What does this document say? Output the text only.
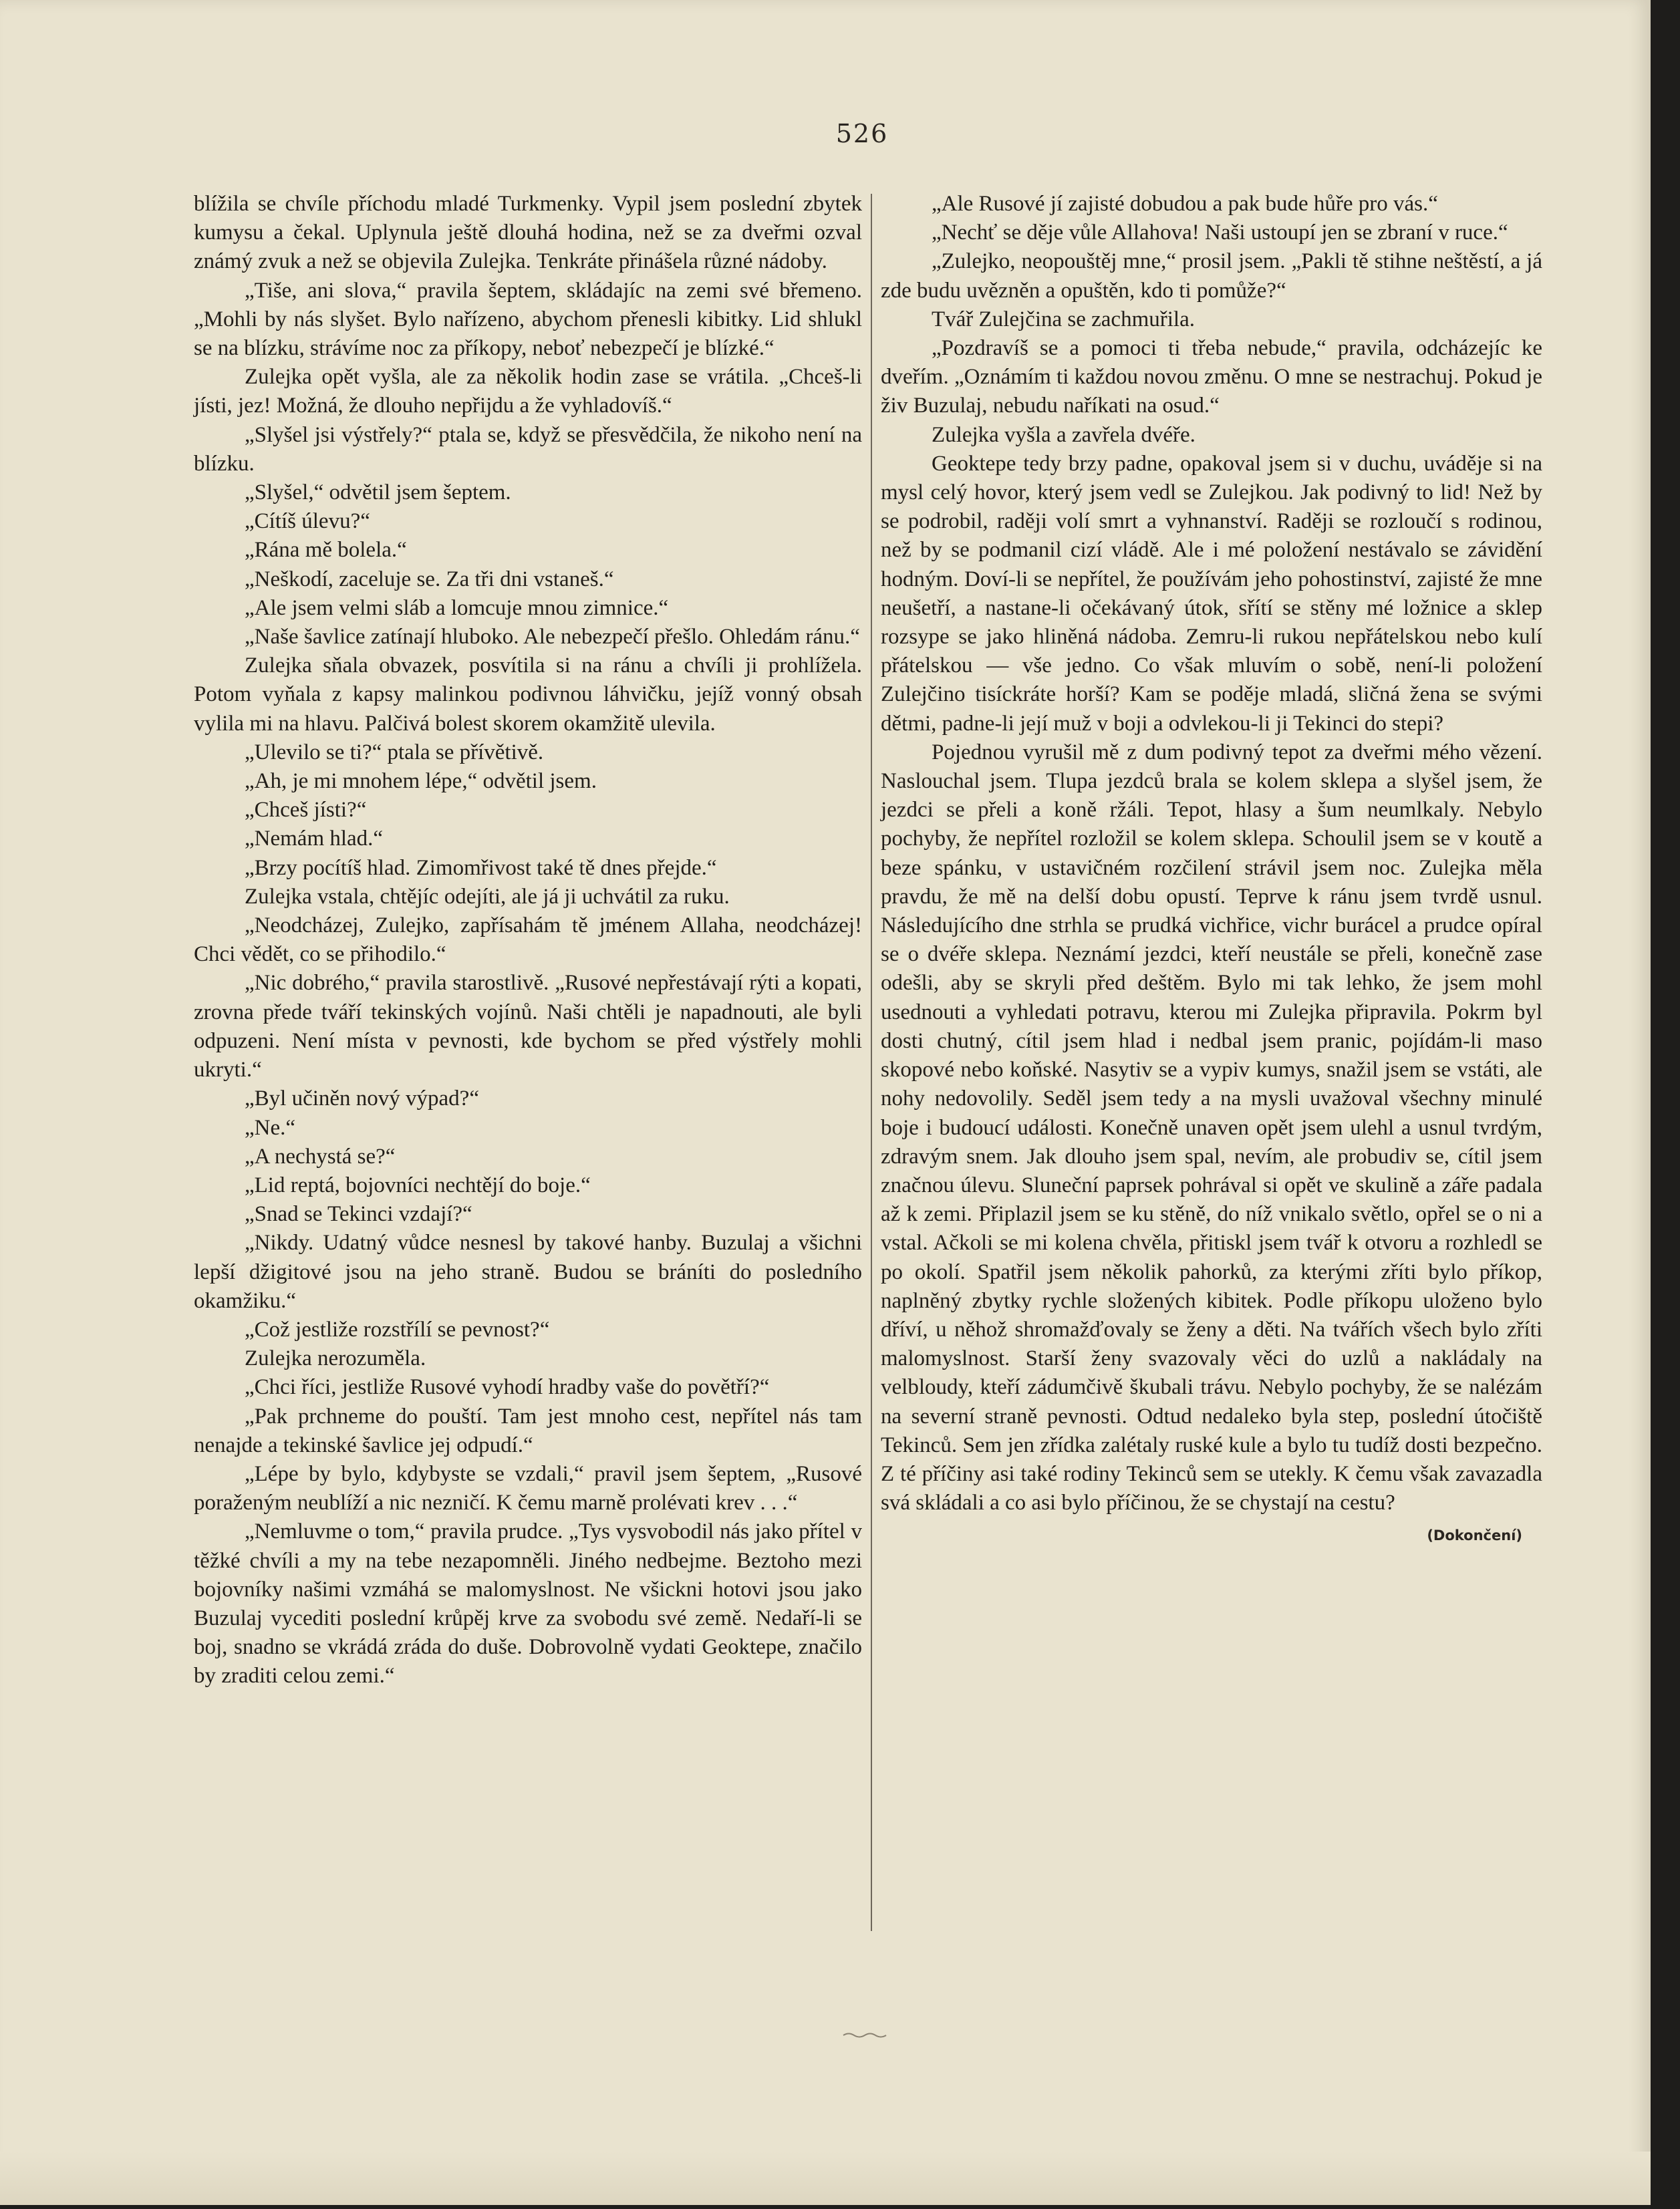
526

blížila se chvíle příchodu mladé Turkmenky. Vypil jsem poslední zbytek kumysu a čekal. Uplynula ještě dlouhá hodina, než se za dveřmi ozval známý zvuk a než se objevila Zulejka. Tenkráte přinášela různé nádoby.

„Tiše, ani slova,“ pravila šeptem, skládajíc na zemi své břemeno. „Mohli by nás slyšet. Bylo nařízeno, abychom přenesli kibitky. Lid shlukl se na blízku, strávíme noc za příkopy, neboť nebezpečí je blízké.“

Zulejka opět vyšla, ale za několik hodin zase se vrátila. „Chceš-li jísti, jez! Možná, že dlouho nepřijdu a že vyhladovíš.“

„Slyšel jsi výstřely?“ ptala se, když se přesvědčila, že nikoho není na blízku.

„Slyšel,“ odvětil jsem šeptem.

„Cítíš úlevu?“

„Rána mě bolela.“

„Neškodí, zaceluje se. Za tři dni vstaneš.“

„Ale jsem velmi sláb a lomcuje mnou zimnice.“

„Naše šavlice zatínají hluboko. Ale nebezpečí přešlo. Ohledám ránu.“

Zulejka sňala obvazek, posvítila si na ránu a chvíli ji prohlížela. Potom vyňala z kapsy malinkou podivnou láhvičku, jejíž vonný obsah vylila mi na hlavu. Palčivá bolest skorem okamžitě ulevila.

„Ulevilo se ti?“ ptala se přívětivě.

„Ah, je mi mnohem lépe,“ odvětil jsem.

„Chceš jísti?“

„Nemám hlad.“

„Brzy pocítíš hlad. Zimomřivost také tě dnes přejde.“

Zulejka vstala, chtějíc odejíti, ale já ji uchvátil za ruku.

„Neodcházej, Zulejko, zapřísahám tě jménem Allaha, neodcházej! Chci vědět, co se přihodilo.“

„Nic dobrého,“ pravila starostlivě. „Rusové nepřestávají rýti a kopati, zrovna přede tváří tekinských vojínů. Naši chtěli je napadnouti, ale byli odpuzeni. Není místa v pevnosti, kde bychom se před výstřely mohli ukryti.“

„Byl učiněn nový výpad?“

„Ne.“

„A nechystá se?“

„Lid reptá, bojovníci nechtějí do boje.“

„Snad se Tekinci vzdají?“

„Nikdy. Udatný vůdce nesnesl by takové hanby. Buzulaj a všichni lepší džigitové jsou na jeho straně. Budou se bráníti do posledního okamžiku.“

„Což jestliže rozstřílí se pevnost?“

Zulejka nerozuměla.

„Chci říci, jestliže Rusové vyhodí hradby vaše do povětří?“

„Pak prchneme do pouští. Tam jest mnoho cest, nepřítel nás tam nenajde a tekinské šavlice jej odpudí.“

„Lépe by bylo, kdybyste se vzdali,“ pravil jsem šeptem, „Rusové poraženým neublíží a nic nezničí. K čemu marně prolévati krev . . .“

„Nemluvme o tom,“ pravila prudce. „Tys vysvobodil nás jako přítel v těžké chvíli a my na tebe nezapomněli. Jiného nedbejme. Beztoho mezi bojovníky našimi vzmáhá se malomyslnost. Ne všickni hotovi jsou jako Buzulaj vycediti poslední krůpěj krve za svobodu své země. Nedaří-li se boj, snadno se vkrádá zráda do duše. Dobrovolně vydati Geoktepe, značilo by zraditi celou zemi.“

„Ale Rusové jí zajisté dobudou a pak bude hůře pro vás.“

„Nechť se děje vůle Allahova! Naši ustoupí jen se zbraní v ruce.“

„Zulejko, neopouštěj mne,“ prosil jsem. „Pakli tě stihne neštěstí, a já zde budu uvězněn a opuštěn, kdo ti pomůže?“

Tvář Zulejčina se zachmuřila.

„Pozdravíš se a pomoci ti třeba nebude,“ pravila, odcházejíc ke dveřím. „Oznámím ti každou novou změnu. O mne se nestrachuj. Pokud je živ Buzulaj, nebudu naříkati na osud.“

Zulejka vyšla a zavřela dvéře.

Geoktepe tedy brzy padne, opakoval jsem si v duchu, uváděje si na mysl celý hovor, který jsem vedl se Zulejkou. Jak podivný to lid! Než by se podrobil, raději volí smrt a vyhnanství. Raději se rozloučí s rodinou, než by se podmanil cizí vládě. Ale i mé položení nestávalo se závidění hodným. Doví-li se nepřítel, že používám jeho pohostinství, zajisté že mne neušetří, a nastane-li očekávaný útok, sřítí se stěny mé ložnice a sklep rozsype se jako hliněná nádoba. Zemru-li rukou nepřátelskou nebo kulí přátelskou — vše jedno. Co však mluvím o sobě, není-li položení Zulejčino tisíckráte horší? Kam se poděje mladá, sličná žena se svými dětmi, padne-li její muž v boji a odvlekou-li ji Tekinci do stepi?

Pojednou vyrušil mě z dum podivný tepot za dveřmi mého vězení. Naslouchal jsem. Tlupa jezdců brala se kolem sklepa a slyšel jsem, že jezdci se přeli a koně ržáli. Tepot, hlasy a šum neumlkaly. Nebylo pochyby, že nepřítel rozložil se kolem sklepa. Schoulil jsem se v koutě a beze spánku, v ustavičném rozčilení strávil jsem noc. Zulejka měla pravdu, že mě na delší dobu opustí. Teprve k ránu jsem tvrdě usnul. Následujícího dne strhla se prudká vichřice, vichr burácel a prudce opíral se o dvéře sklepa. Neznámí jezdci, kteří neustále se přeli, konečně zase odešli, aby se skryli před deštěm. Bylo mi tak lehko, že jsem mohl usednouti a vyhledati potravu, kterou mi Zulejka připravila. Pokrm byl dosti chutný, cítil jsem hlad i nedbal jsem pranic, pojídám-li maso skopové nebo koňské. Nasytiv se a vypiv kumys, snažil jsem se vstáti, ale nohy nedovolily. Seděl jsem tedy a na mysli uvažoval všechny minulé boje i budoucí události. Konečně unaven opět jsem ulehl a usnul tvrdým, zdravým snem. Jak dlouho jsem spal, nevím, ale probudiv se, cítil jsem značnou úlevu. Sluneční paprsek pohrával si opět ve skulině a záře padala až k zemi. Připlazil jsem se ku stěně, do níž vnikalo světlo, opřel se o ni a vstal. Ačkoli se mi kolena chvěla, přitiskl jsem tvář k otvoru a rozhledl se po okolí. Spatřil jsem několik pahorků, za kterými zříti bylo příkop, naplněný zbytky rychle složených kibitek. Podle příkopu uloženo bylo dříví, u něhož shromažďovaly se ženy a děti. Na tvářích všech bylo zříti malomyslnost. Starší ženy svazovaly věci do uzlů a nakládaly na velbloudy, kteří zádumčivě škubali trávu. Nebylo pochyby, že se nalézám na severní straně pevnosti. Odtud nedaleko byla step, poslední útočiště Tekinců. Sem jen zřídka zalétaly ruské kule a bylo tu tudíž dosti bezpečno. Z té příčiny asi také rodiny Tekinců sem se utekly. K čemu však zavazadla svá skládali a co asi bylo příčinou, že se chystají na cestu?

(Dokončení)
